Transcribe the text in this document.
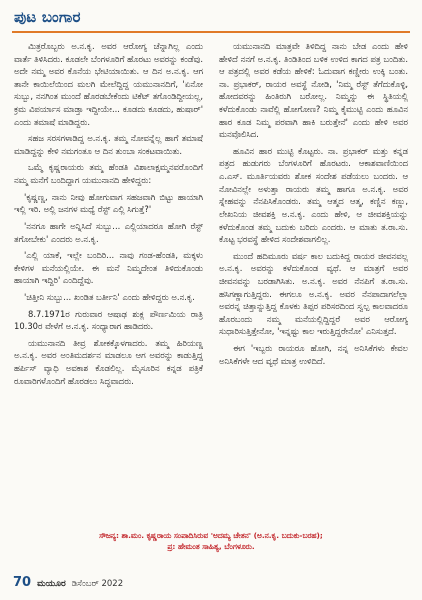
ಪುಟ ಬಂಗಾರ

ಮಿತ್ರರೊಬ್ಬರು ಅ.ನ.ಕೃ. ಅವರ ಆರೋಗ್ಯ ಚೆನ್ನಾಗಿಲ್ಲ ಎಂದು ವಾರ್ತೆ ತಿಳಿಸಿದರು. ಕೂಡಲೇ ಬೆಂಗಳೂರಿಗೆ ಹೊರಟು ಅವರನ್ನು ಕಂಡೆವು. ಅದೇ ನಮ್ಮ ಅವರ ಕೊನೆಯ ಭೇಟಿಯಾಯಿತು. ಆ ದಿನ ಅ.ನ.ಕೃ. ಆಗ ತಾನೇ ಕಾಯಿಲೆಯಿಂದ ಮಲಗಿ ಮೇಲೆದ್ದಿದ್ದ ಯಮುನಾನದಿಗೆ, 'ಏನೋ ಸುಬ್ಬು, ನನಗಿಂತ ಮುಂದೆ ಹೊರಡಬೇಕೆಂದು ಟಿಕೆಟ್ ತಗೊಂಡಿದ್ದೀಯಲ್ಲ, ಕ್ರಮ ವಿಪರ್ಯಾಸ ಮಾಡ್ತಾ ಇದ್ದೀಯೇ... ಕೂಡದು ಕೂಡದು, ಹುಷಾರ್' ಎಂದು ತಮಾಷೆ ಮಾಡಿದ್ದರು.

ಸಹಜ ಸರಸಗಳಾಡಿದ್ದ ಅ.ನ.ಕೃ. ತಮ್ಮ ನೋವನ್ನೆಲ್ಲ ಹಾಗೆ ತಮಾಷೆ ಮಾಡಿದ್ದನ್ನು ಕೇಳಿ ನಮಗಂತೂ ಆ ದಿನ ತುಂಬಾ ಸಂಕಟವಾಯಿತು.

ಒಮ್ಮೆ ಕೃಷ್ಣರಾಯರು ತಮ್ಮ ಹೆಂಡತಿ ವಿಶಾಲಾಕ್ಷಮ್ಮನವರೊಂದಿಗೆ ನಮ್ಮ ಮನೆಗೆ ಬಂದಿದ್ದಾಗ ಯಮುನಾನದಿ ಹೇಳಿದ್ದರು:

'ಕೃಷ್ಣಣ್ಣ, ನಾನು ನೀವು ಹೋಗುವಾಗ ಸಹಜವಾಗಿ ಬಿಟ್ಟು ಹಾಯಾಗಿ ಇಲ್ಲಿ ಇರಿ. ಅಲ್ಲಿ ಜನಗಳ ಮಧ್ಯೆ ರೆಸ್ಟ್ ಎಲ್ಲಿ ಸಿಗುತ್ತೆ?'

'ನನಗೂ ಹಾಗೇ ಅನ್ನಿಸಿದೆ ಸುಬ್ಬು... ಎಲ್ಲಿಯಾದರೂ ಹೋಗಿ ರೆಸ್ಟ್ ತಗೋಬೇಕು' ಎಂದರು ಅ.ನ.ಕೃ.

'ಎಲ್ಲಿ ಯಾಕೆ, ಇಲ್ಲೇ ಬಂದಿರಿ... ನಾವು ಗಂಡ-ಹೆಂಡತಿ, ಮಕ್ಕಳು ಕೇಳಿಗಳ ಮನೆಯಲ್ಲಿಯೇ. ಈ ಮನೆ ನಿಮ್ಮದೇಂತ ತಿಳಿದುಕೊಂಡು ಹಾಯಾಗಿ ಇದ್ದಿರಿ' ಎಂದಿದ್ದೆವು.

'ಚಿತ್ತೀನಿ ಸುಬ್ಬು... ಖಂಡಿತ ಬರ್ತೀನಿ' ಎಂದು ಹೇಳಿದ್ದರು ಅ.ನ.ಕೃ.

8.7.1971ರ ಗುರುವಾರ ಆಷಾಢ ಶುಕ್ಲ ಪೌರ್ಣಮಿಯ ರಾತ್ರಿ 10.30ರ ವೇಳೆಗೆ ಅ.ನ.ಕೃ. ಸಂಧ್ಯಾರಾಗ ಹಾಡಿದರು.

ಯಮುನಾನದಿ ತೀವ್ರ ಶೋಕಕ್ಕೊಳಗಾದರು. ತಮ್ಮ ಹಿರಿಯಣ್ಣ ಅ.ನ.ಕೃ. ಅವರ ಅಂತಿಮದರ್ಶನ ಮಾಡಲೂ ಆಗ ಅವರನ್ನು ಕಾಡುತ್ತಿದ್ದ ಹರ್ಪಿಸ್ ವ್ಯಾಧಿ ಅವಕಾಶ ಕೊಡಲಿಲ್ಲ. ಮೈಸೂರಿನ ಕನ್ನಡ ಪತ್ರಿಕೆ ರೂವಾರಿಗಳೊಂದಿಗೆ ಹೊರಡಲು ಸಿದ್ಧವಾದರು.

ಯಮುನಾನದಿ ಮಾತ್ರವೇ ತಿಳಿದಿದ್ದ ನಾನು ಬೇಡ ಎಂದು ಹೇಳಿ ಹೇಳಿದೆ ನನಗೆ ಅ.ನ.ಕೃ. ತಿಂಡಿತಿಂದ ಬಳಿಕ ಉಳಿದ ಕಾಗದ ಪತ್ರ ಬಂದಿತು. ಆ ಪತ್ರದಲ್ಲಿ ಅವರ ಕಡೆಯ ಹೇಳಿಕೆ: ಓದುವಾಗ ಕಣ್ಣೀರು ಉಕ್ಕಿ ಬಂತು. ನಾ. ಪ್ರಭಾಕರ್, ರಾಯರ ಅವಸ್ಥೆ ನೋಡಿ, 'ನಿಮ್ಮ ರೆಸ್ಟ್ ತೆಗೆದುಕೊಳ್ಳಿ, ಹೋದವರನ್ನು ಹಿಂತಿರುಗಿ ಬರೋಲ್ಲ. ನಿಮ್ಮನ್ನು ಈ ಸ್ಥಿತಿಯಲ್ಲಿ ಕಳೆದುಕೊಂಡು ನಾವೆಲ್ಲಿ ಹೋಗೋಣ? ನಿಮ್ಮ ಕೈಮುಟ್ಟಿ ಎಂದು ಹೂವಿನ ಹಾರ ಕೂಡ ನಿಮ್ಮ ಪರವಾಗಿ ಹಾಕಿ ಬರುತ್ತೇನೆ' ಎಂದು ಹೇಳಿ ಅವರ ಮನವೊಲಿಸಿದ.

ಹೂವಿನ ಹಾರ ಮುಟ್ಟಿ ಕೊಟ್ಟರು. ನಾ. ಪ್ರಭಾಕರ್ ಮತ್ತು ಕನ್ನಡ ಪತ್ರದ ಹುಡುಗರು ಬೆಂಗಳೂರಿಗೆ ಹೊರಟರು. ಆಕಾಶವಾಣಿಯಿಂದ ಎ.ಎಸ್. ಮೂರ್ತಿಯವರು ಶೋಕ ಸಂದೇಶ ಪಡೆಯಲು ಬಂದರು. ಆ ನೋವಿನಲ್ಲೇ ಅಳುತ್ತಾ ರಾಯರು ತಮ್ಮ ಹಾಗೂ ಅ.ನ.ಕೃ. ಅವರ ಸ್ನೇಹವನ್ನು ನೆನಪಿಸಿಕೊಂಡರು. ತಮ್ಮ ಆತ್ಮದ ಆತ್ಮ, ಕಣ್ಣಿನ ಕಣ್ಣು, ಲೇಖನಿಯ ಜೀವಶಕ್ತಿ ಅ.ನ.ಕೃ. ಎಂದು ಹೇಳಿ, ಆ ಜೀವಶಕ್ತಿಯನ್ನು ಕಳೆದುಕೊಂಡ ತಮ್ಮ ಬದುಕು ಬರಿದು ಎಂದರು. ಆ ಮಾತು ತ.ರಾ.ಸು. ಕೊಟ್ಟ ಭರವಸ್ಥೆ ಹೇಳಿದ ಸಂದೇಶವಾಗಲಿಲ್ಲ.

ಮುಂದೆ ಹದಿಮೂರು ವರ್ಷ ಕಾಲ ಬದುಕಿದ್ದ ರಾಯರ ಜೀವನವಲ್ಲ ಅ.ನ.ಕೃ. ಅವರನ್ನು ಕಳೆದುಕೊಂಡ ವ್ಯಥೆ. ಆ ಮಾತ್ರಗೆ ಅವರ ಜೀವನವನ್ನು ಬರಡಾಗಿಸಿತು. ಅ.ನ.ಕೃ. ಅವರ ನೆನಪಿಗೆ ತ.ರಾ.ಸು. ಹಸಿಗಣ್ಣಾಗುತ್ತಿದ್ದರು. ಈಗಲೂ ಅ.ನ.ಕೃ. ಅವರ ನೆನಪಾದಾಗಲೆಲ್ಲಾ ಅವರನ್ನ ಚಿತ್ತಾನ್ನುತ್ತಿದ್ದ ಕೊಳಕು ತಿಪ್ಪರ ಪರಿಸರದಿಂದ ಸ್ವಲ್ಪ ಕಾಲವಾದರೂ ಹೊರಬಂದು ನಮ್ಮ ಮನೆಯಲ್ಲಿದ್ದಿದ್ದರೆ ಅವರ ಆರೋಗ್ಯ ಸುಧಾರಿಸುತ್ತಿತ್ತೇನೋ, 'ಇನ್ನಷ್ಟು ಕಾಲ ಇರುತ್ತಿದ್ದರೇನೋ' ಎನಿಸುತ್ತದೆ.

ಈಗ 'ಇಬ್ಬರು ರಾಯರೂ ಹೋಗಿ, ನನ್ನ ಅನಿಸಿಕೆಗಳು ಕೇವಲ ಅನಿಸಿಕೆಗಳೇ ಆದ ವ್ಯಥೆ ಮಾತ್ರ ಉಳಿದಿದೆ.

ಸೌಜನ್ಯ: ಶಾ.ಮಂ. ಕೃಷ್ಣರಾಯ ಸಂಪಾದಿಸಿರುವ 'ಅದಮ್ಯ ಚೇತನ' (ಅ.ನ.ಕೃ. ಬದುಕು-ಬರಹ);
ಪ್ರ: ಹೇಮಂತ ಸಾಹಿತ್ಯ, ಬೆಂಗಳೂರು.
70 ಮಯೂರ ಡಿಸೆಂಬರ್ 2022
